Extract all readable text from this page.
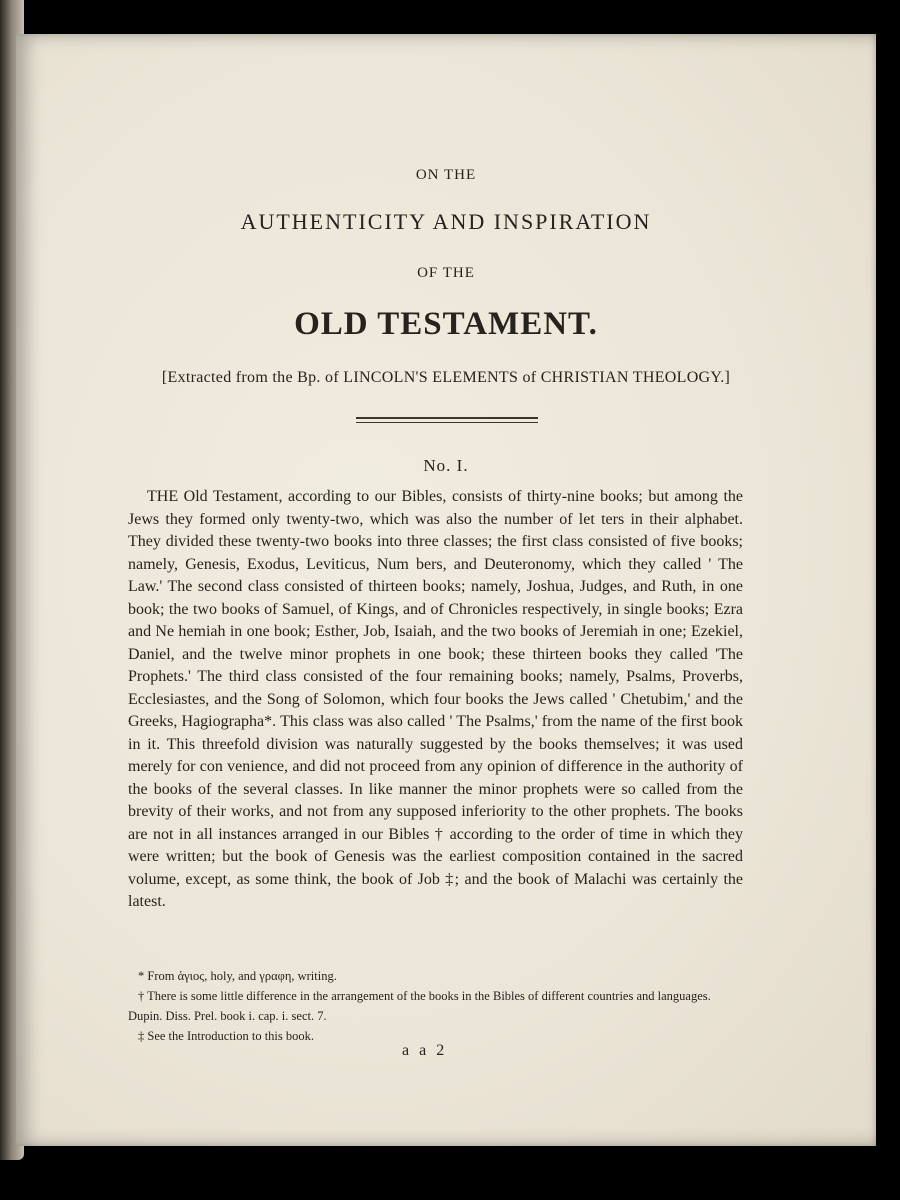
ON THE
AUTHENTICITY AND INSPIRATION
OF THE
OLD TESTAMENT.
[Extracted from the Bp. of LINCOLN'S ELEMENTS of CHRISTIAN THEOLOGY.]
No. I.

THE Old Testament, according to our Bibles, consists of thirty-nine books; but among the Jews they formed only twenty-two, which was also the number of let ters in their alphabet. They divided these twenty-two books into three classes; the first class consisted of five books; namely, Genesis, Exodus, Leviticus, Num bers, and Deuteronomy, which they called ' The Law.' The second class consisted of thirteen books; namely, Joshua, Judges, and Ruth, in one book; the two books of Samuel, of Kings, and of Chronicles respectively, in single books; Ezra and Ne hemiah in one book; Esther, Job, Isaiah, and the two books of Jeremiah in one; Ezekiel, Daniel, and the twelve minor prophets in one book; these thirteen books they called 'The Prophets.' The third class consisted of the four remaining books; namely, Psalms, Proverbs, Ecclesiastes, and the Song of Solomon, which four books the Jews called ' Chetubim,' and the Greeks, Hagiographa*. This class was also called ' The Psalms,' from the name of the first book in it. This threefold division was naturally suggested by the books themselves; it was used merely for con venience, and did not proceed from any opinion of difference in the authority of the books of the several classes. In like manner the minor prophets were so called from the brevity of their works, and not from any supposed inferiority to the other prophets. The books are not in all instances arranged in our Bibles † according to the order of time in which they were written; but the book of Genesis was the earliest composition contained in the sacred volume, except, as some think, the book of Job ‡; and the book of Malachi was certainly the latest.

* From ἁγιος, holy, and γραφη, writing.

† There is some little difference in the arrangement of the books in the Bibles of different countries and languages. Dupin. Diss. Prel. book i. cap. i. sect. 7.

‡ See the Introduction to this book.

a a 2
